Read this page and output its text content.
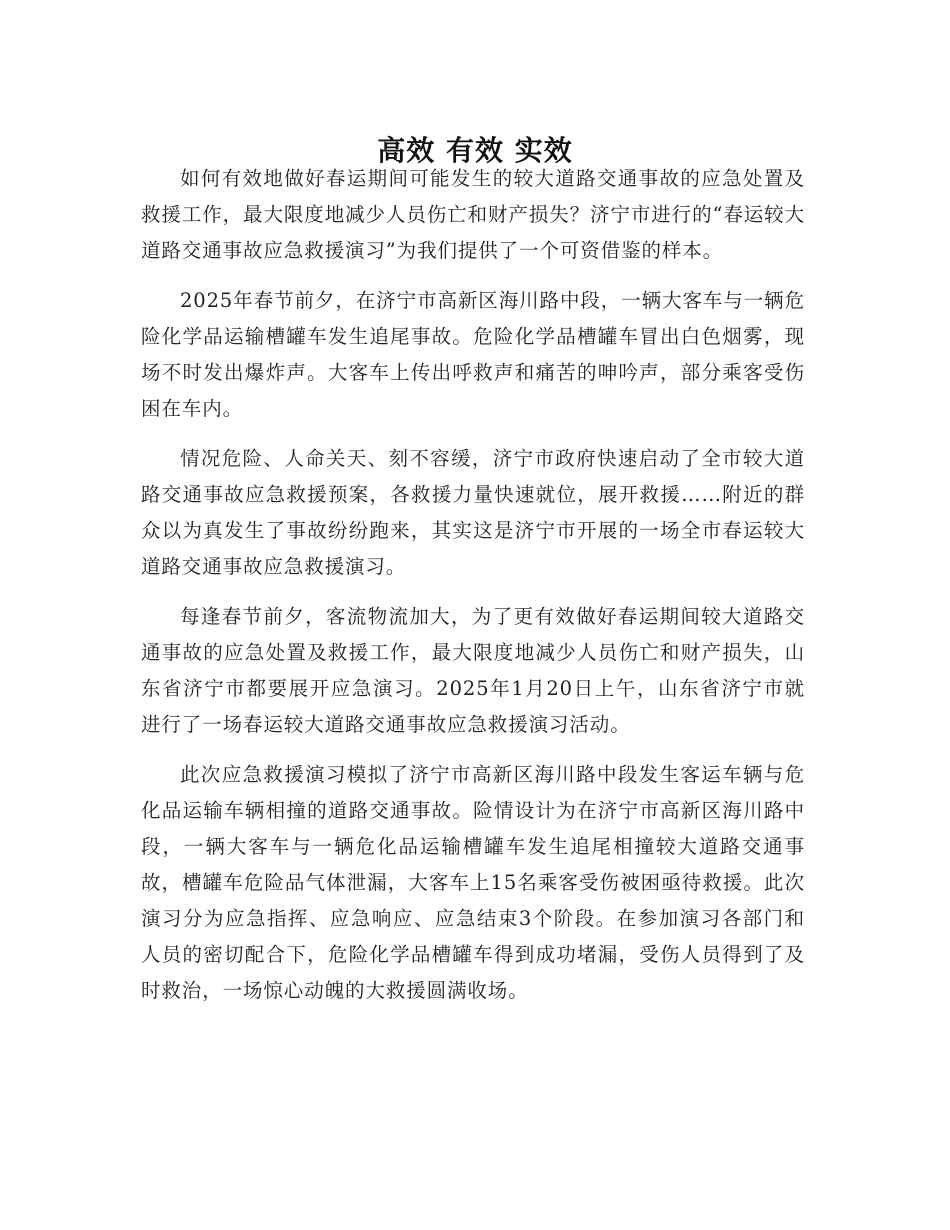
高效 有效 实效

如何有效地做好春运期间可能发生的较大道路交通事故的应急处置及救援工作，最大限度地减少人员伤亡和财产损失？济宁市进行的“春运较大道路交通事故应急救援演习”为我们提供了一个可资借鉴的样本。

2025年春节前夕，在济宁市高新区海川路中段，一辆大客车与一辆危险化学品运输槽罐车发生追尾事故。危险化学品槽罐车冒出白色烟雾，现场不时发出爆炸声。大客车上传出呼救声和痛苦的呻吟声，部分乘客受伤困在车内。

情况危险、人命关天、刻不容缓，济宁市政府快速启动了全市较大道路交通事故应急救援预案，各救援力量快速就位，展开救援……附近的群众以为真发生了事故纷纷跑来，其实这是济宁市开展的一场全市春运较大道路交通事故应急救援演习。

每逢春节前夕，客流物流加大，为了更有效做好春运期间较大道路交通事故的应急处置及救援工作，最大限度地减少人员伤亡和财产损失，山东省济宁市都要展开应急演习。2025年1月20日上午，山东省济宁市就进行了一场春运较大道路交通事故应急救援演习活动。

此次应急救援演习模拟了济宁市高新区海川路中段发生客运车辆与危化品运输车辆相撞的道路交通事故。险情设计为在济宁市高新区海川路中段，一辆大客车与一辆危化品运输槽罐车发生追尾相撞较大道路交通事故，槽罐车危险品气体泄漏，大客车上15名乘客受伤被困亟待救援。此次演习分为应急指挥、应急响应、应急结束3个阶段。在参加演习各部门和人员的密切配合下，危险化学品槽罐车得到成功堵漏，受伤人员得到了及时救治，一场惊心动魄的大救援圆满收场。
